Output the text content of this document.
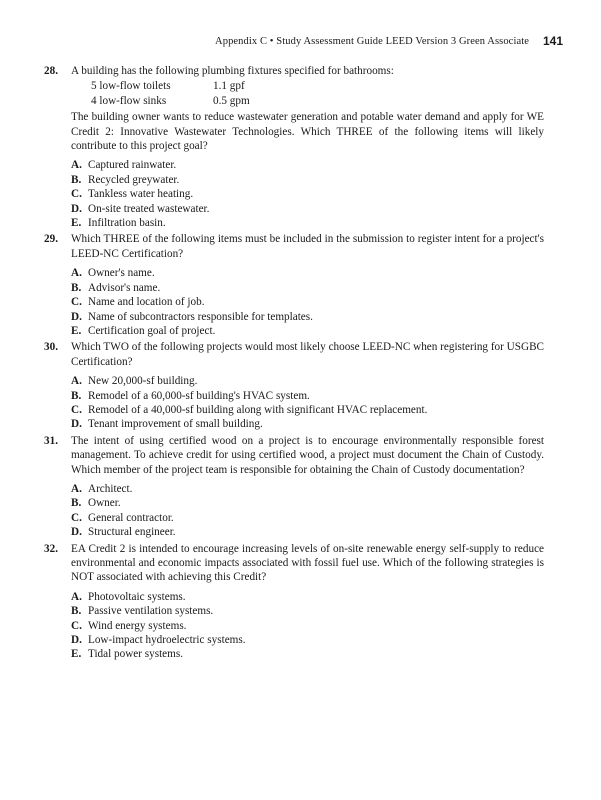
Appendix C • Study Assessment Guide LEED Version 3 Green Associate 141
28.	A building has the following plumbing fixtures specified for bathrooms:
5 low-flow toilets	1.1 gpf
4 low-flow sinks	0.5 gpm
The building owner wants to reduce wastewater generation and potable water demand and apply for WE Credit 2: Innovative Wastewater Technologies. Which THREE of the following items will likely contribute to this project goal?
A. Captured rainwater.
B. Recycled greywater.
C. Tankless water heating.
D. On-site treated wastewater.
E. Infiltration basin.
29.	Which THREE of the following items must be included in the submission to register intent for a project's LEED-NC Certification?
A. Owner's name.
B. Advisor's name.
C. Name and location of job.
D. Name of subcontractors responsible for templates.
E. Certification goal of project.
30.	Which TWO of the following projects would most likely choose LEED-NC when registering for USGBC Certification?
A. New 20,000-sf building.
B. Remodel of a 60,000-sf building's HVAC system.
C. Remodel of a 40,000-sf building along with significant HVAC replacement.
D. Tenant improvement of small building.
31.	The intent of using certified wood on a project is to encourage environmentally responsible forest management. To achieve credit for using certified wood, a project must document the Chain of Custody. Which member of the project team is responsible for obtaining the Chain of Custody documentation?
A. Architect.
B. Owner.
C. General contractor.
D. Structural engineer.
32.	EA Credit 2 is intended to encourage increasing levels of on-site renewable energy self-supply to reduce environmental and economic impacts associated with fossil fuel use. Which of the following strategies is NOT associated with achieving this Credit?
A. Photovoltaic systems.
B. Passive ventilation systems.
C. Wind energy systems.
D. Low-impact hydroelectric systems.
E. Tidal power systems.
